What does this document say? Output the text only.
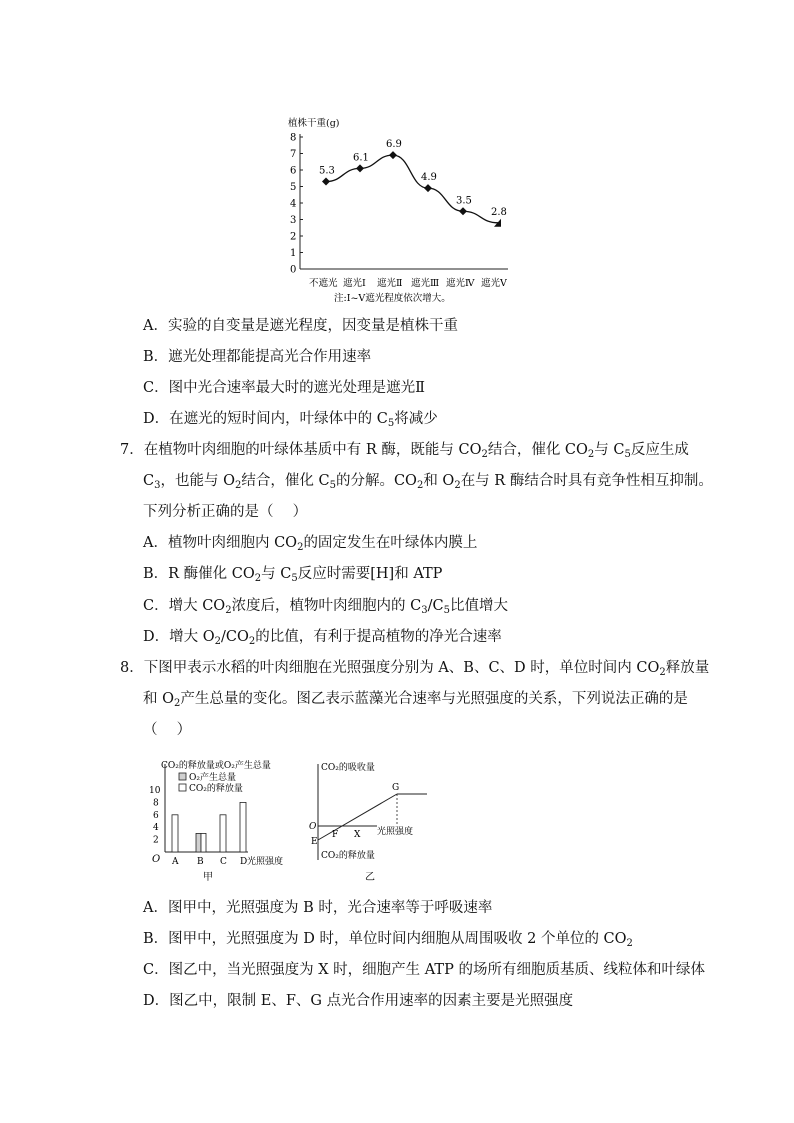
植株干重(g)
0
1
2
3
4
5
6
7
8
5.3
6.1
6.9
4.9
3.5
2.8
不遮光 遮光Ⅰ 遮光Ⅱ 遮光Ⅲ 遮光Ⅳ 遮光Ⅴ
注:Ⅰ~Ⅴ遮光程度依次增大。
A．实验的自变量是遮光程度，因变量是植株干重
B．遮光处理都能提高光合作用速率
C．图中光合速率最大时的遮光处理是遮光Ⅱ
D．在遮光的短时间内，叶绿体中的 $C_5$将减少
7．在植物叶肉细胞的叶绿体基质中有 R 酶，既能与 $CO_2$结合，催化 $CO_2$与 $C_5$反应生成
$C_3$，也能与 $O_2$结合，催化 $C_5$的分解。$CO_2$和 $O_2$在与 R 酶结合时具有竞争性相互抑制。
下列分析正确的是（　 ）
A．植物叶肉细胞内 $CO_2$的固定发生在叶绿体内膜上
B．R 酶催化 $CO_2$与 $C_5$反应时需要[H]和 ATP
C．增大 $CO_2$浓度后，植物叶肉细胞内的 $C_3/C_5$比值增大
D．增大 $O_2/CO_2$的比值，有利于提高植物的净光合速率
8．下图甲表示水稻的叶肉细胞在光照强度分别为 A、B、C、D 时，单位时间内 $CO_2$释放量
和 $O_2$产生总量的变化。图乙表示蓝藻光合速率与光照强度的关系，下列说法正确的是
（　 ）
CO₂的释放量或O₂产生总量
O₂产生总量
CO₂的释放量
2
4
6
8
10
A B C D
O	光照强度
甲
CO₂的吸收量
G
O
F X 光照强度
E
CO₂的释放量
乙
A．图甲中，光照强度为 B 时，光合速率等于呼吸速率
B．图甲中，光照强度为 D 时，单位时间内细胞从周围吸收 2 个单位的 $CO_2$
C．图乙中，当光照强度为 X 时，细胞产生 ATP 的场所有细胞质基质、线粒体和叶绿体
D．图乙中，限制 E、F、G 点光合作用速率的因素主要是光照强度
